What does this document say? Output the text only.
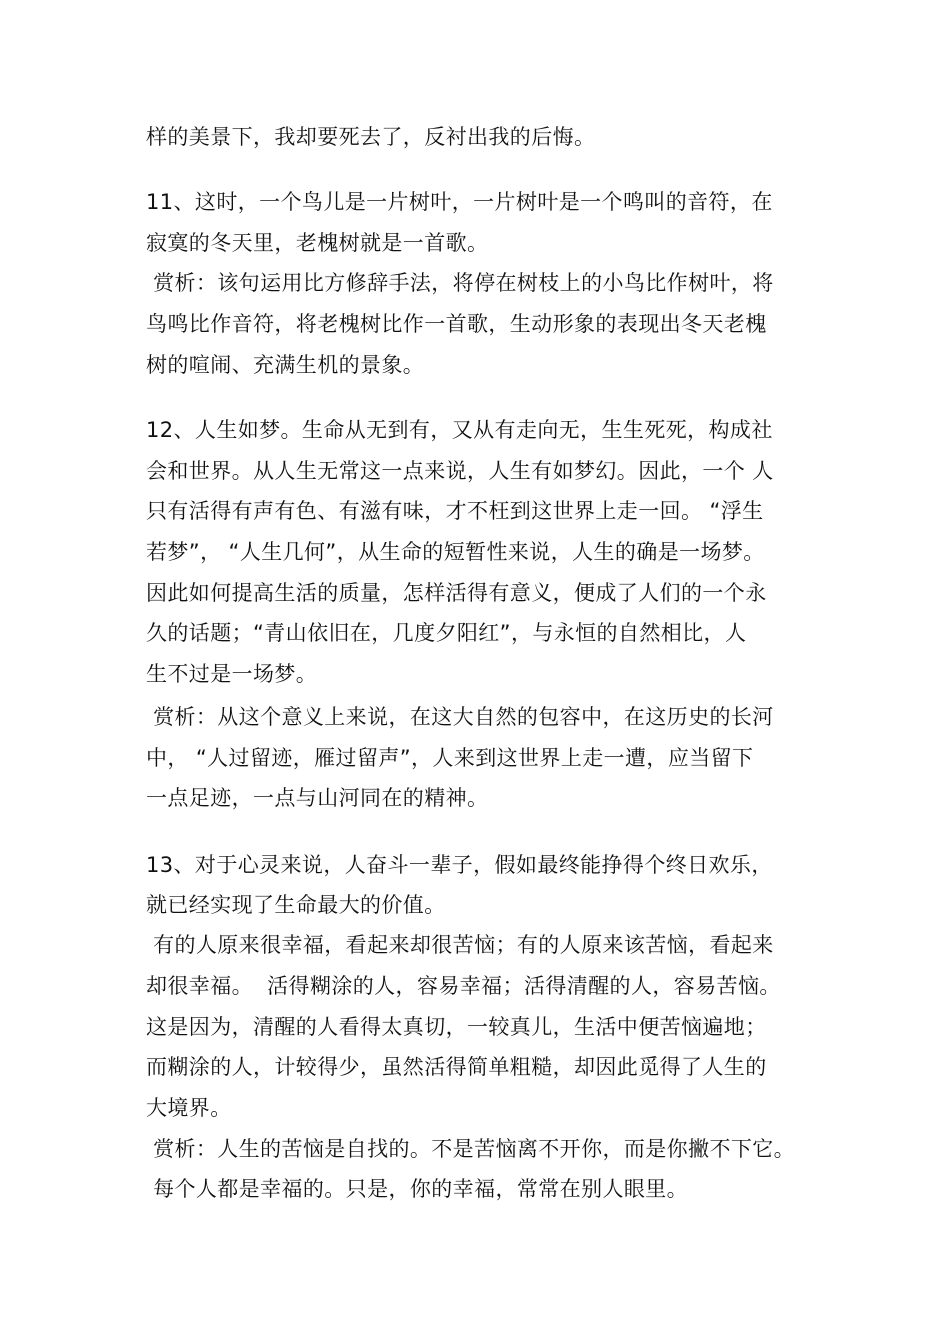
样的美景下，我却要死去了，反衬出我的后悔。
11、这时，一个鸟儿是一片树叶，一片树叶是一个鸣叫的音符，在
寂寞的冬天里，老槐树就是一首歌。
赏析：该句运用比方修辞手法，将停在树枝上的小鸟比作树叶，将
鸟鸣比作音符，将老槐树比作一首歌，生动形象的表现出冬天老槐
树的喧闹、充满生机的景象。
12、人生如梦。生命从无到有，又从有走向无，生生死死，构成社
会和世界。从人生无常这一点来说，人生有如梦幻。因此，一个 人
只有活得有声有色、有滋有味，才不枉到这世界上走一回。 “浮生
若梦”， “人生几何”，从生命的短暂性来说，人生的确是一场梦。
因此如何提高生活的质量，怎样活得有意义，便成了人们的一个永
久的话题；“青山依旧在，几度夕阳红”，与永恒的自然相比，人
生不过是一场梦。
赏析：从这个意义上来说，在这大自然的包容中，在这历史的长河
中， “人过留迹，雁过留声”，人来到这世界上走一遭，应当留下
一点足迹，一点与山河同在的精神。
13、对于心灵来说，人奋斗一辈子，假如最终能挣得个终日欢乐，
就已经实现了生命最大的价值。
有的人原来很幸福，看起来却很苦恼；有的人原来该苦恼，看起来
却很幸福。  活得糊涂的人，容易幸福；活得清醒的人，容易苦恼。
这是因为，清醒的人看得太真切，一较真儿，生活中便苦恼遍地；
而糊涂的人，计较得少，虽然活得简单粗糙，却因此觅得了人生的
大境界。
赏析：人生的苦恼是自找的。不是苦恼离不开你，而是你撇不下它。
每个人都是幸福的。只是，你的幸福，常常在别人眼里。
